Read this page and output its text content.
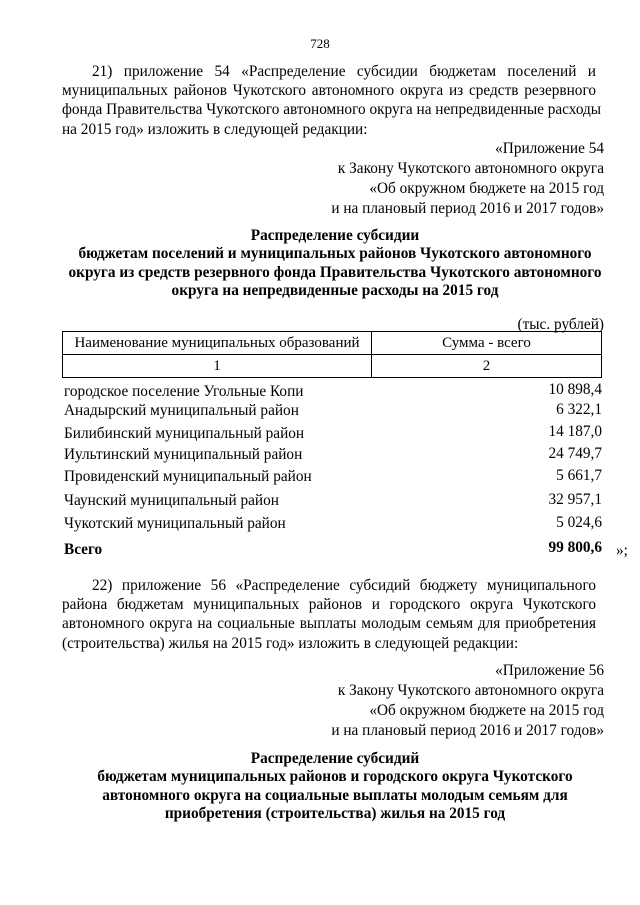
728
21) приложение 54 «Распределение субсидии бюджетам поселений и
муниципальных районов Чукотского автономного округа из средств резервного
фонда Правительства Чукотского автономного округа на непредвиденные расходы
на 2015 год» изложить в следующей редакции:
«Приложение 54
к Закону Чукотского автономного округа
«Об окружном бюджете на 2015 год
и на плановый период 2016 и 2017 годов»
Распределение субсидии
бюджетам поселений и муниципальных районов Чукотского автономного
округа из средств резервного фонда Правительства Чукотского автономного
округа на непредвиденные расходы на 2015 год
(тыс. рублей)
Наименование муниципальных образований	Сумма - всего
1	2
городское поселение Угольные Копи	10 898,4
Анадырский муниципальный район	6 322,1
Билибинский муниципальный район	14 187,0
Иультинский муниципальный район	24 749,7
Провиденский муниципальный район	5 661,7
Чаунский муниципальный район	32 957,1
Чукотский муниципальный район	5 024,6
Всего	99 800,6 »;
22) приложение 56 «Распределение субсидий бюджету муниципального
района бюджетам муниципальных районов и городского округа Чукотского
автономного округа на социальные выплаты молодым семьям для приобретения
(строительства) жилья на 2015 год» изложить в следующей редакции:
«Приложение 56
к Закону Чукотского автономного округа
«Об окружном бюджете на 2015 год
и на плановый период 2016 и 2017 годов»
Распределение субсидий
бюджетам муниципальных районов и городского округа Чукотского
автономного округа на социальные выплаты молодым семьям для
приобретения (строительства) жилья на 2015 год
